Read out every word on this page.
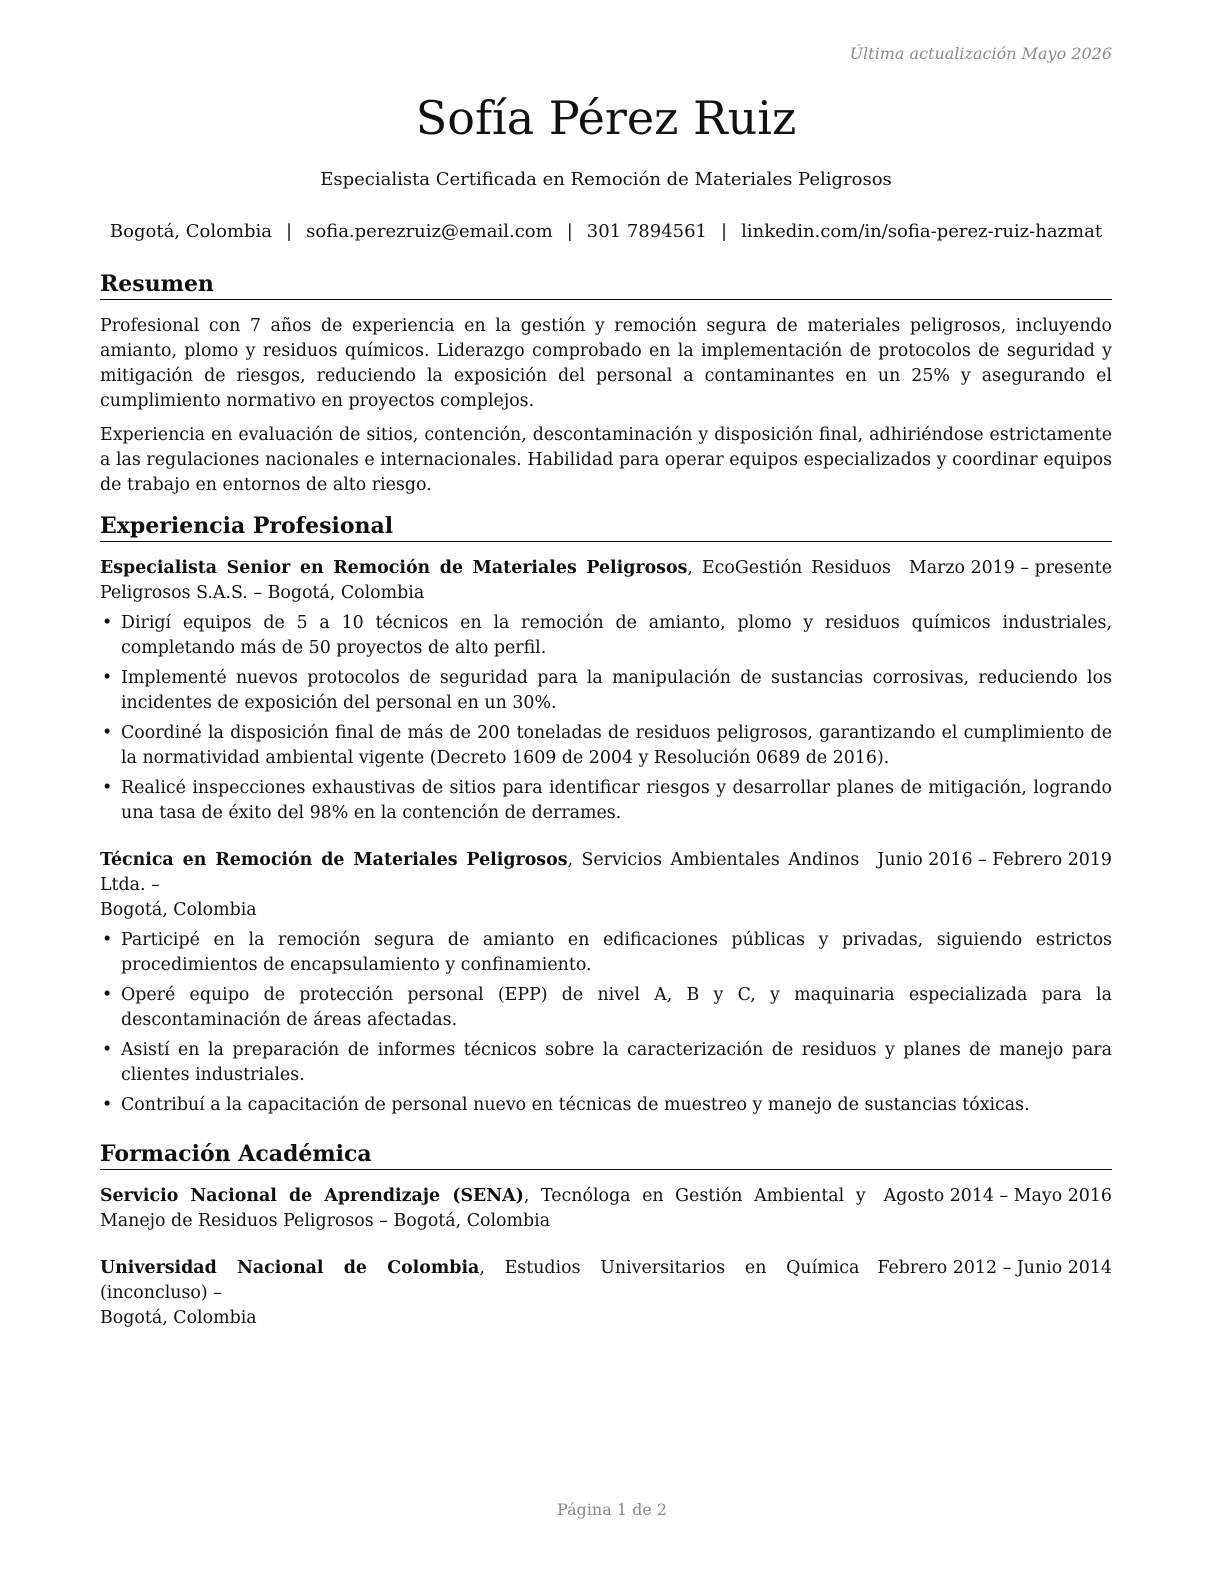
Última actualización Mayo 2026
Sofía Pérez Ruiz
Especialista Certificada en Remoción de Materiales Peligrosos
Bogotá, Colombia | sofia.perezruiz@email.com | 301 7894561 | linkedin.com/in/sofia-perez-ruiz-hazmat
Resumen

Profesional con 7 años de experiencia en la gestión y remoción segura de materiales peligrosos, incluyendo amianto, plomo y residuos químicos. Liderazgo comprobado en la implementación de protocolos de seguridad y mitigación de riesgos, reduciendo la exposición del personal a contaminantes en un 25% y asegurando el cumplimiento normativo en proyectos complejos.

Experiencia en evaluación de sitios, contención, descontaminación y disposición final, adhiriéndose estrictamente a las regulaciones nacionales e internacionales. Habilidad para operar equipos especializados y coordinar equipos de trabajo en entornos de alto riesgo.

Experiencia Profesional
Especialista Senior en Remoción de Materiales Peligrosos, EcoGestión Residuos Peligrosos S.A.S. – Bogotá, Colombia
Marzo 2019 – presente
• Dirigí equipos de 5 a 10 técnicos en la remoción de amianto, plomo y residuos químicos industriales, completando más de 50 proyectos de alto perfil.
• Implementé nuevos protocolos de seguridad para la manipulación de sustancias corrosivas, reduciendo los incidentes de exposición del personal en un 30%.
• Coordiné la disposición final de más de 200 toneladas de residuos peligrosos, garantizando el cumplimiento de la normatividad ambiental vigente (Decreto 1609 de 2004 y Resolución 0689 de 2016).
• Realicé inspecciones exhaustivas de sitios para identificar riesgos y desarrollar planes de mitigación, logrando una tasa de éxito del 98% en la contención de derrames.
Técnica en Remoción de Materiales Peligrosos, Servicios Ambientales Andinos Ltda. –
Junio 2016 – Febrero 2019
Bogotá, Colombia
• Participé en la remoción segura de amianto en edificaciones públicas y privadas, siguiendo estrictos procedimientos de encapsulamiento y confinamiento.
• Operé equipo de protección personal (EPP) de nivel A, B y C, y maquinaria especializada para la descontaminación de áreas afectadas.
• Asistí en la preparación de informes técnicos sobre la caracterización de residuos y planes de manejo para clientes industriales.
• Contribuí a la capacitación de personal nuevo en técnicas de muestreo y manejo de sustancias tóxicas.
Formación Académica
Servicio Nacional de Aprendizaje (SENA), Tecnóloga en Gestión Ambiental y Manejo de Residuos Peligrosos – Bogotá, Colombia
Agosto 2014 – Mayo 2016
Universidad Nacional de Colombia, Estudios Universitarios en Química (inconcluso) –
Febrero 2012 – Junio 2014
Bogotá, Colombia
Página 1 de 2
